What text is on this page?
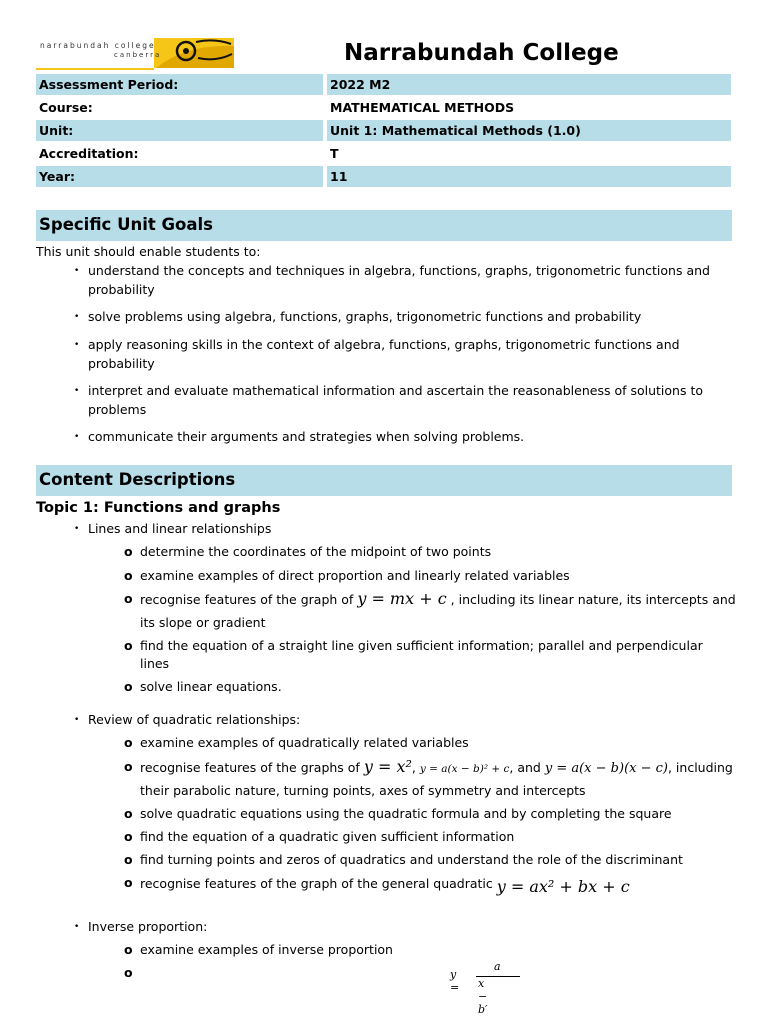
narrabundah college
canberra	Narrabundah College
Assessment Period:	2022 M2
Course:	MATHEMATICAL METHODS
Unit:	Unit 1: Mathematical Methods (1.0)
Accreditation:	T
Year:	11
Specific Unit Goals
This unit should enable students to:
• understand the concepts and techniques in algebra, functions, graphs, trigonometric functions and probability
• solve problems using algebra, functions, graphs, trigonometric functions and probability
• apply reasoning skills in the context of algebra, functions, graphs, trigonometric functions and probability
• interpret and evaluate mathematical information and ascertain the reasonableness of solutions to problems
• communicate their arguments and strategies when solving problems.
Content Descriptions
Topic 1: Functions and graphs
• Lines and linear relationships
o determine the coordinates of the midpoint of two points
o examine examples of direct proportion and linearly related variables
o recognise features of the graph of y = mx + c , including its linear nature, its intercepts and
its slope or gradient
o find the equation of a straight line given sufficient information; parallel and perpendicular
lines
o solve linear equations.
• Review of quadratic relationships:
o examine examples of quadratically related variables
o recognise features of the graphs of y = x², y = a(x − b)² + c, and y = a(x − b)(x − c), including
their parabolic nature, turning points, axes of symmetry and intercepts
o solve quadratic equations using the quadratic formula and by completing the square
o find the equation of a quadratic given sufficient information
o find turning points and zeros of quadratics and understand the role of the discriminant
o recognise features of the graph of the general quadratic y = ax² + bx + c
• Inverse proportion:
o examine examples of inverse proportion
o	y =
a
x − b′
